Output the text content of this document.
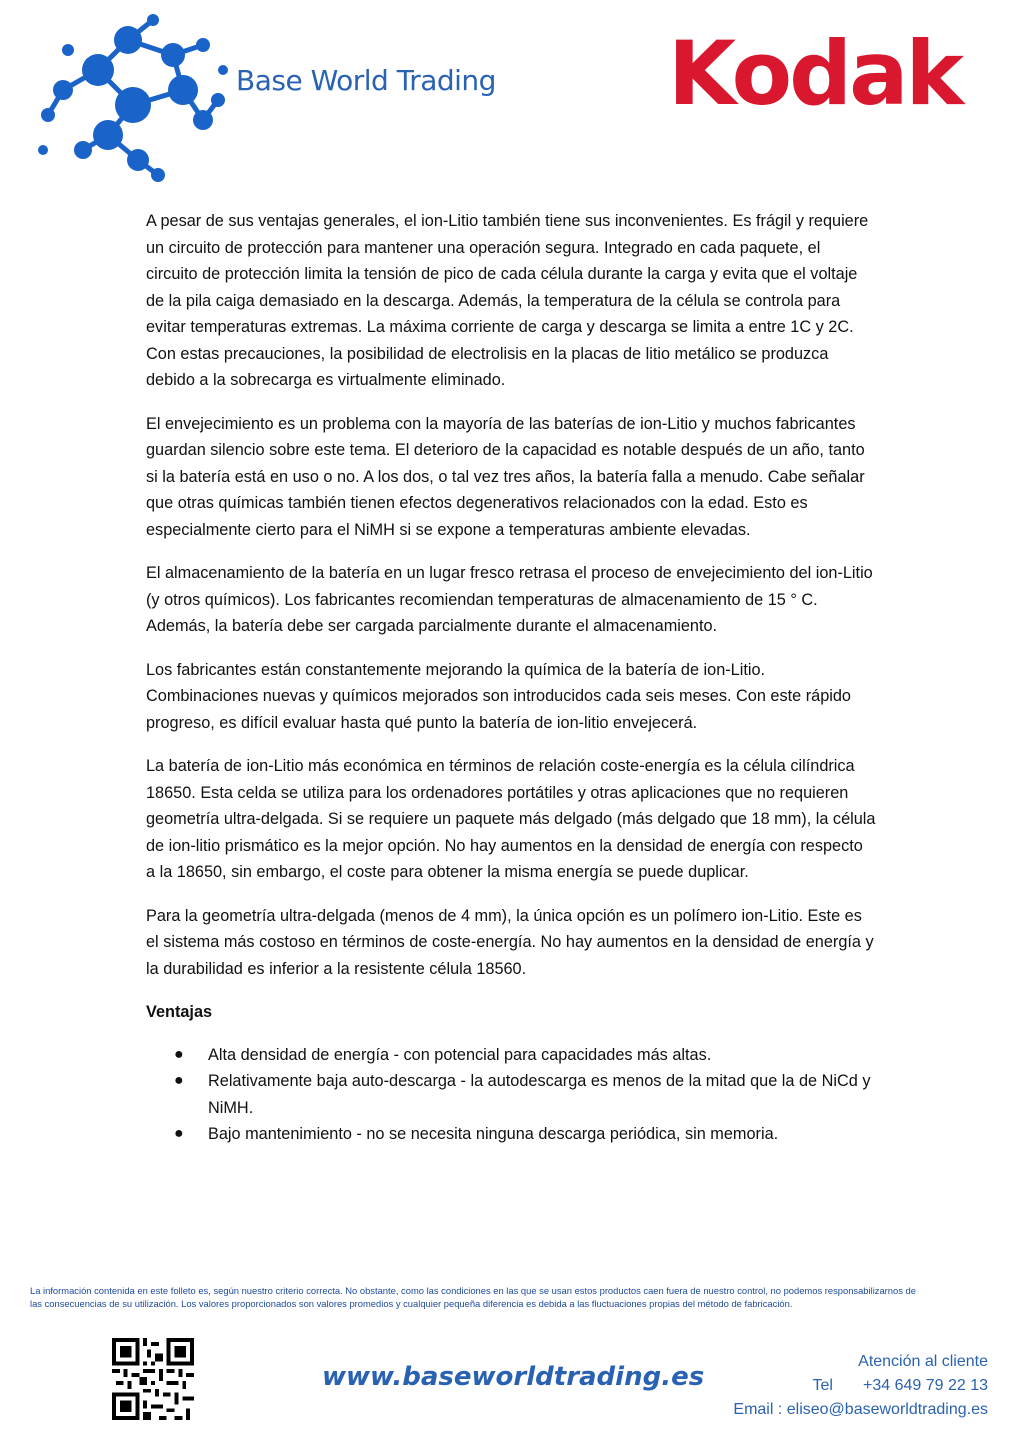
Base World Trading Kodak

A pesar de sus ventajas generales, el ion-Litio también tiene sus inconvenientes. Es frágil y requiere un circuito de protección para mantener una operación segura. Integrado en cada paquete, el circuito de protección limita la tensión de pico de cada célula durante la carga y evita que el voltaje de la pila caiga demasiado en la descarga. Además, la temperatura de la célula se controla para evitar temperaturas extremas. La máxima corriente de carga y descarga se limita a entre 1C y 2C. Con estas precauciones, la posibilidad de electrolisis en la placas de litio metálico se produzca debido a la sobrecarga es virtualmente eliminado.

El envejecimiento es un problema con la mayoría de las baterías de ion-Litio y muchos fabricantes guardan silencio sobre este tema. El deterioro de la capacidad es notable después de un año, tanto si la batería está en uso o no. A los dos, o tal vez tres años, la batería falla a menudo. Cabe señalar que otras químicas también tienen efectos degenerativos relacionados con la edad. Esto es especialmente cierto para el NiMH si se expone a temperaturas ambiente elevadas.

El almacenamiento de la batería en un lugar fresco retrasa el proceso de envejecimiento del ion-Litio (y otros químicos). Los fabricantes recomiendan temperaturas de almacenamiento de 15 ° C. Además, la batería debe ser cargada parcialmente durante el almacenamiento.

Los fabricantes están constantemente mejorando la química de la batería de ion-Litio. Combinaciones nuevas y químicos mejorados son introducidos cada seis meses. Con este rápido progreso, es difícil evaluar hasta qué punto la batería de ion-litio envejecerá.

La batería de ion-Litio más económica en términos de relación coste-energía es la célula cilíndrica 18650. Esta celda se utiliza para los ordenadores portátiles y otras aplicaciones que no requieren geometría ultra-delgada. Si se requiere un paquete más delgado (más delgado que 18 mm), la célula de ion-litio prismático es la mejor opción. No hay aumentos en la densidad de energía con respecto a la 18650, sin embargo, el coste para obtener la misma energía se puede duplicar.

Para la geometría ultra-delgada (menos de 4 mm), la única opción es un polímero ion-Litio. Este es el sistema más costoso en términos de coste-energía. No hay aumentos en la densidad de energía y la durabilidad es inferior a la resistente célula 18560.

Ventajas
● Alta densidad de energía - con potencial para capacidades más altas.
● Relativamente baja auto-descarga - la autodescarga es menos de la mitad que la de NiCd y NiMH.
● Bajo mantenimiento - no se necesita ninguna descarga periódica, sin memoria.
La información contenida en este folleto es, según nuestro criterio correcta. No obstante, como las condiciones en las que se usan estos productos caen fuera de nuestro control, no podemos responsabilizarnos de
las consecuencias de su utilización. Los valores proporcionados son valores promedios y cualquier pequeña diferencia es debida a las fluctuaciones propias del método de fabricación.
www.baseworldtrading.es
Atención al cliente
Tel +34 649 79 22 13
Email : eliseo@baseworldtrading.es
